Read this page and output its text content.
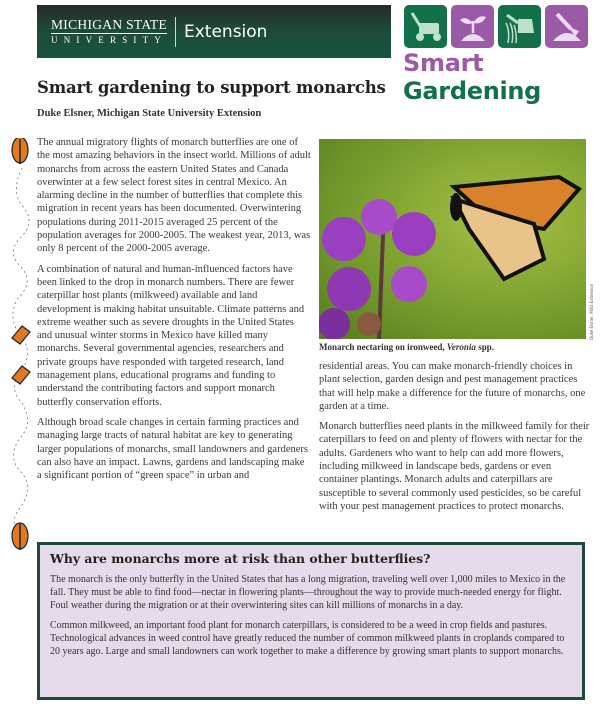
MICHIGAN STATE
UNIVERSITY Extension
Smart Gardening
Smart gardening to support monarchs
Duke Elsner, Michigan State University Extension

The annual migratory flights of monarch butterflies are one of the most amazing behaviors in the insect world. Millions of adult monarchs from across the eastern United States and Canada overwinter at a few select forest sites in central Mexico. An alarming decline in the number of butterflies that complete this migration in recent years has been documented. Overwintering populations during 2011-2015 averaged 25 percent of the population averages for 2000-2005. The weakest year, 2013, was only 8 percent of the 2000-2005 average.

A combination of natural and human-influenced factors have been linked to the drop in monarch numbers. There are fewer caterpillar host plants (milkweed) available and land development is making habitat unsuitable. Climate patterns and extreme weather such as severe droughts in the United States and unusual winter storms in Mexico have killed many monarchs. Several governmental agencies, researchers and private groups have responded with targeted research, land management plans, educational programs and funding to understand the contributing factors and support monarch butterfly conservation efforts.

Although broad scale changes in certain farming practices and managing large tracts of natural habitat are key to generating larger populations of monarchs, small landowners and gardeners can also have an impact. Lawns, gardens and landscaping make a significant portion of “green space” in urban and

Duke Elsner, MSU Extension
Monarch nectaring on ironweed, Veronia spp.

residential areas. You can make monarch-friendly choices in plant selection, garden design and pest management practices that will help make a difference for the future of monarchs, one garden at a time.

Monarch butterflies need plants in the milkweed family for their caterpillars to feed on and plenty of flowers with nectar for the adults. Gardeners who want to help can add more flowers, including milkweed in landscape beds, gardens or even container plantings. Monarch adults and caterpillars are susceptible to several commonly used pesticides, so be careful with your pest management practices to protect monarchs.

Why are monarchs more at risk than other butterflies?

The monarch is the only butterfly in the United States that has a long migration, traveling well over 1,000 miles to Mexico in the fall. They must be able to find food—nectar in flowering plants—throughout the way to provide much-needed energy for flight. Foul weather during the migration or at their overwintering sites can kill millions of monarchs in a day.

Common milkweed, an important food plant for monarch caterpillars, is considered to be a weed in crop fields and pastures. Technological advances in weed control have greatly reduced the number of common milkweed plants in croplands compared to 20 years ago. Large and small landowners can work together to make a difference by growing smart plants to support monarchs.
